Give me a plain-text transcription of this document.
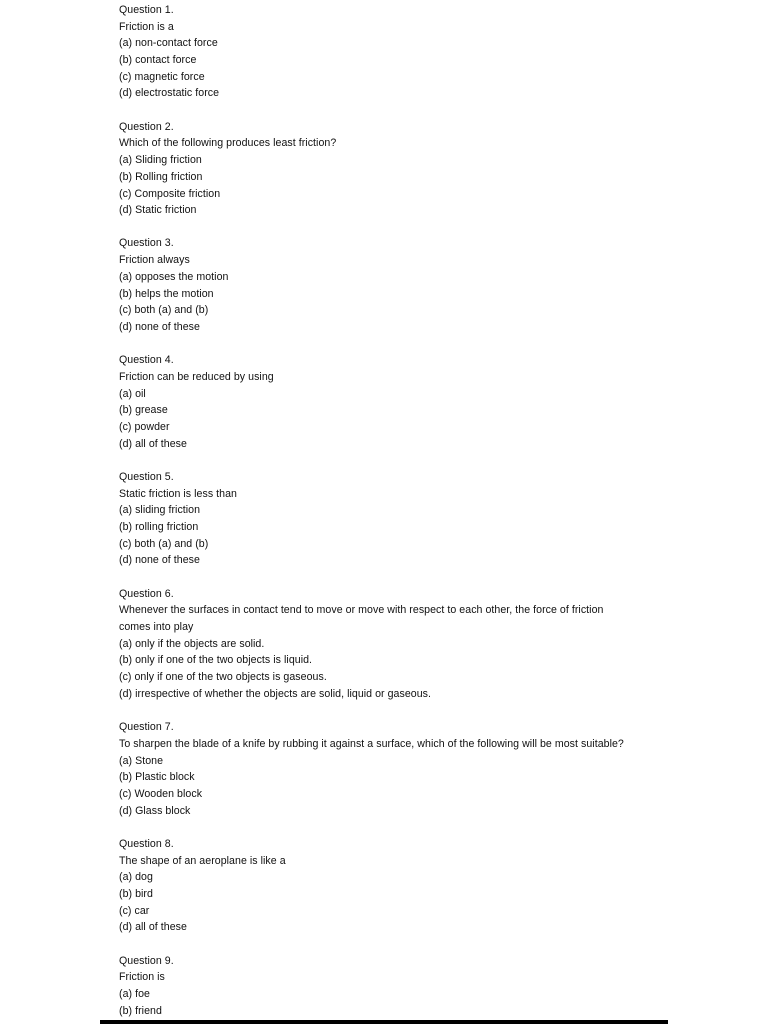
Question 1.
Friction is a
(a) non-contact force
(b) contact force
(c) magnetic force
(d) electrostatic force
Question 2.
Which of the following produces least friction?
(a) Sliding friction
(b) Rolling friction
(c) Composite friction
(d) Static friction
Question 3.
Friction always
(a) opposes the motion
(b) helps the motion
(c) both (a) and (b)
(d) none of these
Question 4.
Friction can be reduced by using
(a) oil
(b) grease
(c) powder
(d) all of these
Question 5.
Static friction is less than
(a) sliding friction
(b) rolling friction
(c) both (a) and (b)
(d) none of these
Question 6.
Whenever the surfaces in contact tend to move or move with respect to each other, the force of friction comes into play
(a) only if the objects are solid.
(b) only if one of the two objects is liquid.
(c) only if one of the two objects is gaseous.
(d) irrespective of whether the objects are solid, liquid or gaseous.
Question 7.
To sharpen the blade of a knife by rubbing it against a surface, which of the following will be most suitable?
(a) Stone
(b) Plastic block
(c) Wooden block
(d) Glass block
Question 8.
The shape of an aeroplane is like a
(a) dog
(b) bird
(c) car
(d) all of these
Question 9.
Friction is
(a) foe
(b) friend
